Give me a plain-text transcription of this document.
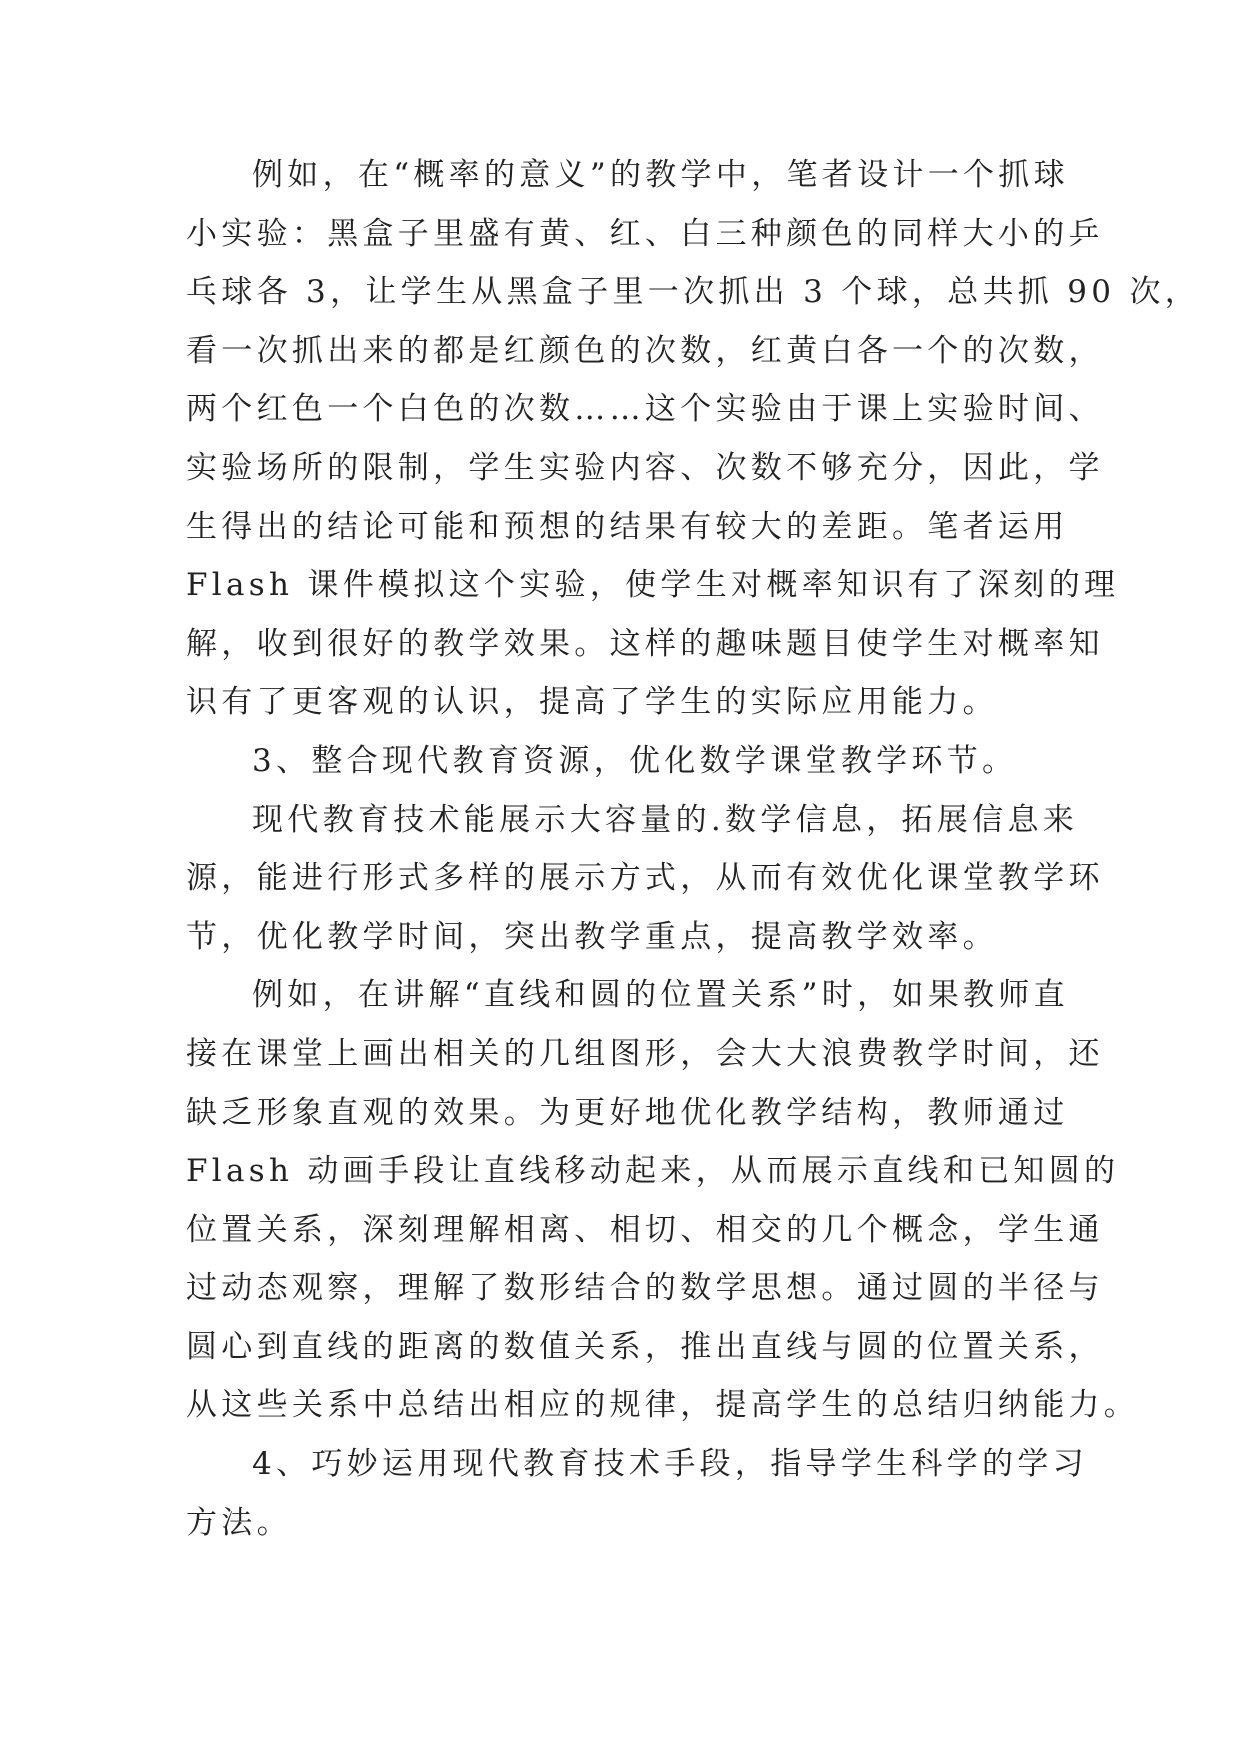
例如，在“概率的意义”的教学中，笔者设计一个抓球
小实验：黑盒子里盛有黄、红、白三种颜色的同样大小的乒
乓球各 3，让学生从黑盒子里一次抓出 3 个球，总共抓 90 次，
看一次抓出来的都是红颜色的次数，红黄白各一个的次数，
两个红色一个白色的次数……这个实验由于课上实验时间、
实验场所的限制，学生实验内容、次数不够充分，因此，学
生得出的结论可能和预想的结果有较大的差距。笔者运用
Flash 课件模拟这个实验，使学生对概率知识有了深刻的理
解，收到很好的教学效果。这样的趣味题目使学生对概率知
识有了更客观的认识，提高了学生的实际应用能力。
3、整合现代教育资源，优化数学课堂教学环节。
现代教育技术能展示大容量的.数学信息，拓展信息来
源，能进行形式多样的展示方式，从而有效优化课堂教学环
节，优化教学时间，突出教学重点，提高教学效率。
例如，在讲解“直线和圆的位置关系”时，如果教师直
接在课堂上画出相关的几组图形，会大大浪费教学时间，还
缺乏形象直观的效果。为更好地优化教学结构，教师通过
Flash 动画手段让直线移动起来，从而展示直线和已知圆的
位置关系，深刻理解相离、相切、相交的几个概念，学生通
过动态观察，理解了数形结合的数学思想。通过圆的半径与
圆心到直线的距离的数值关系，推出直线与圆的位置关系，
从这些关系中总结出相应的规律，提高学生的总结归纳能力。
4、巧妙运用现代教育技术手段，指导学生科学的学习
方法。
